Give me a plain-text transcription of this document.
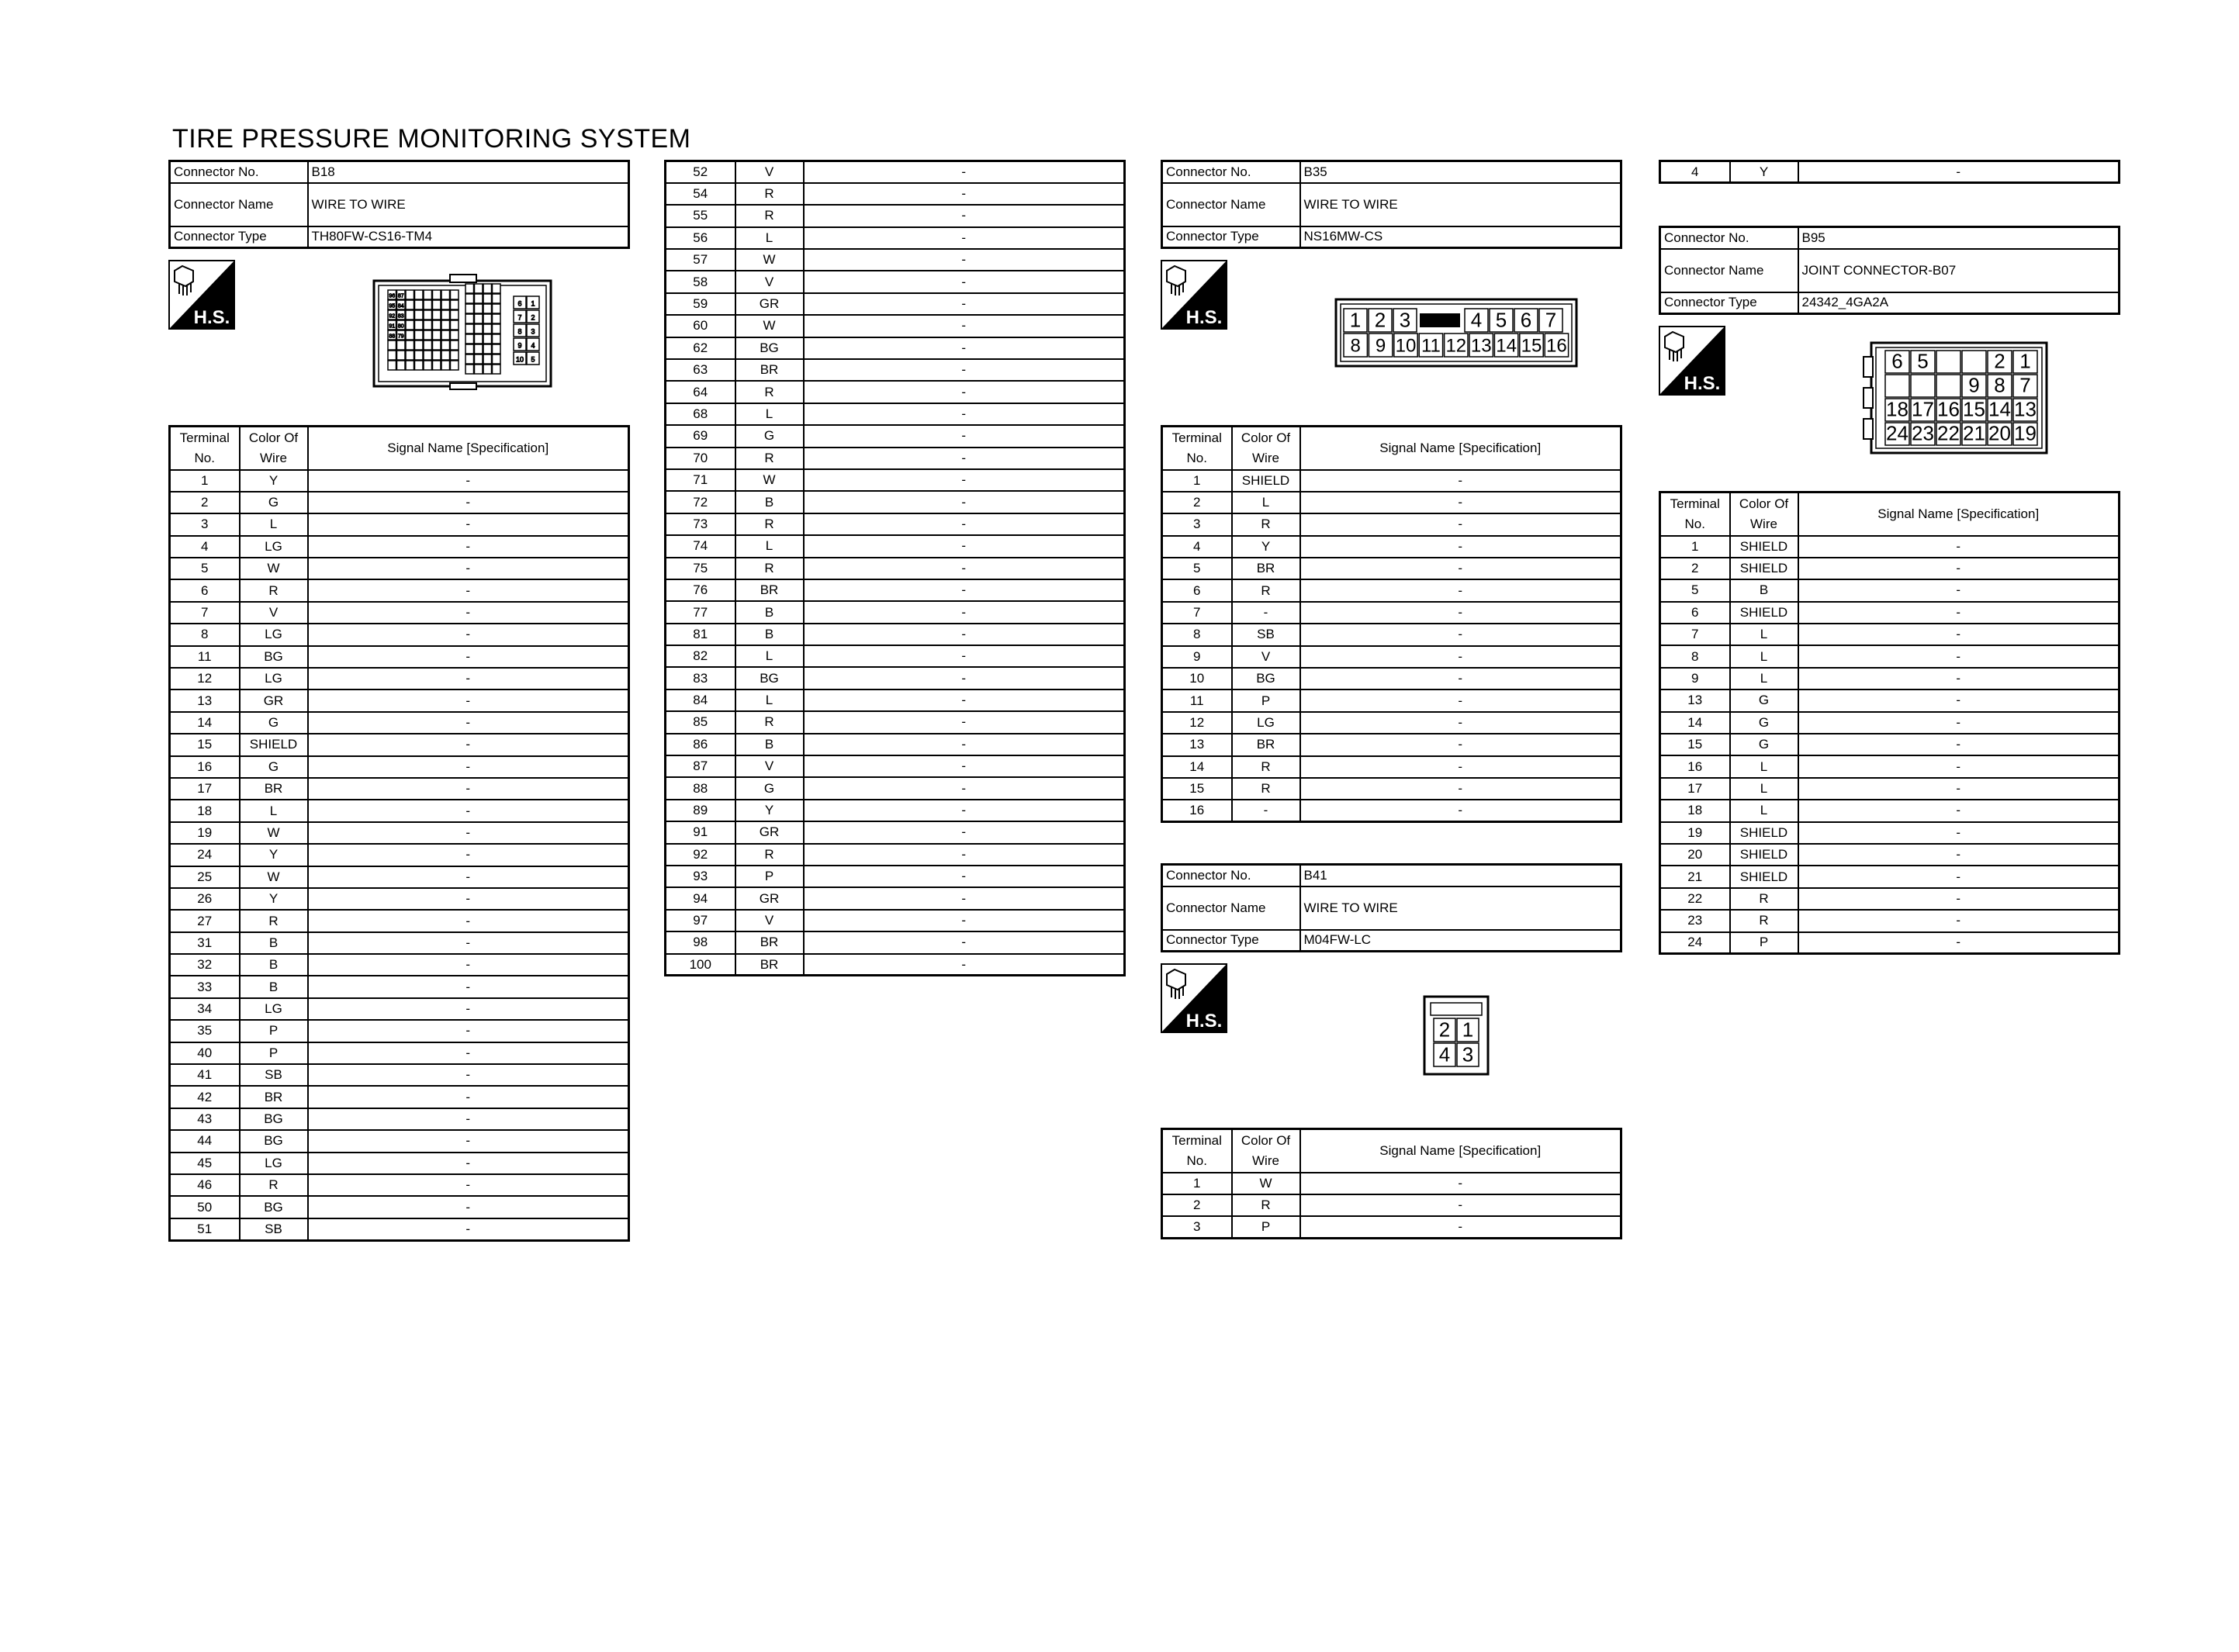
TIRE PRESSURE MONITORING SYSTEM
Connector No.	B18
Connector Name	WIRE TO WIRE
Connector Type	TH80FW-CS16-TM4
H.S.
96
95
92
91
88
87
84
83
80
79
6 1
7 2
8 3
9 4
10 5
Terminal No.	Color Of Wire	Signal Name [Specification]
1	Y	-
2	G	-
3	L	-
4	LG	-
5	W	-
6	R	-
7	V	-
8	LG	-
11	BG	-
12	LG	-
13	GR	-
14	G	-
15	SHIELD	-
16	G	-
17	BR	-
18	L	-
19	W	-
24	Y	-
25	W	-
26	Y	-
27	R	-
31	B	-
32	B	-
33	B	-
34	LG	-
35	P	-
40	P	-
41	SB	-
42	BR	-
43	BG	-
44	BG	-
45	LG	-
46	R	-
50	BG	-
51	SB	-
52	V	-
54	R	-
55	R	-
56	L	-
57	W	-
58	V	-
59	GR	-
60	W	-
62	BG	-
63	BR	-
64	R	-
68	L	-
69	G	-
70	R	-
71	W	-
72	B	-
73	R	-
74	L	-
75	R	-
76	BR	-
77	B	-
81	B	-
82	L	-
83	BG	-
84	L	-
85	R	-
86	B	-
87	V	-
88	G	-
89	Y	-
91	GR	-
92	R	-
93	P	-
94	GR	-
97	V	-
98	BR	-
100	BR	-
Connector No.	B35
Connector Name	WIRE TO WIRE
Connector Type	NS16MW-CS
H.S.	1 2 3	4 5 6 7
8 9 10 11 12 13 14 15 16
Terminal No.	Color Of Wire	Signal Name [Specification]
1	SHIELD	-
2	L	-
3	R	-
4	Y	-
5	BR	-
6	R	-
7	-	-
8	SB	-
9	V	-
10	BG	-
11	P	-
12	LG	-
13	BR	-
14	R	-
15	R	-
16	-	-
Connector No.	B41
Connector Name	WIRE TO WIRE
Connector Type	M04FW-LC
H.S.	2 1
4 3
Terminal No.	Color Of Wire	Signal Name [Specification]
1	W	-
2	R	-
3	P	-
4	Y	-
Connector No.	B95
Connector Name	JOINT CONNECTOR-B07
Connector Type	24342_4GA2A
H.S.
6 5	2 1
9 8 7
18 17 16 15 14 13
24 23 22 21 20 19
Terminal No.	Color Of Wire	Signal Name [Specification]
1	SHIELD	-
2	SHIELD	-
5	B	-
6	SHIELD	-
7	L	-
8	L	-
9	L	-
13	G	-
14	G	-
15	G	-
16	L	-
17	L	-
18	L	-
19	SHIELD	-
20	SHIELD	-
21	SHIELD	-
22	R	-
23	R	-
24	P	-
